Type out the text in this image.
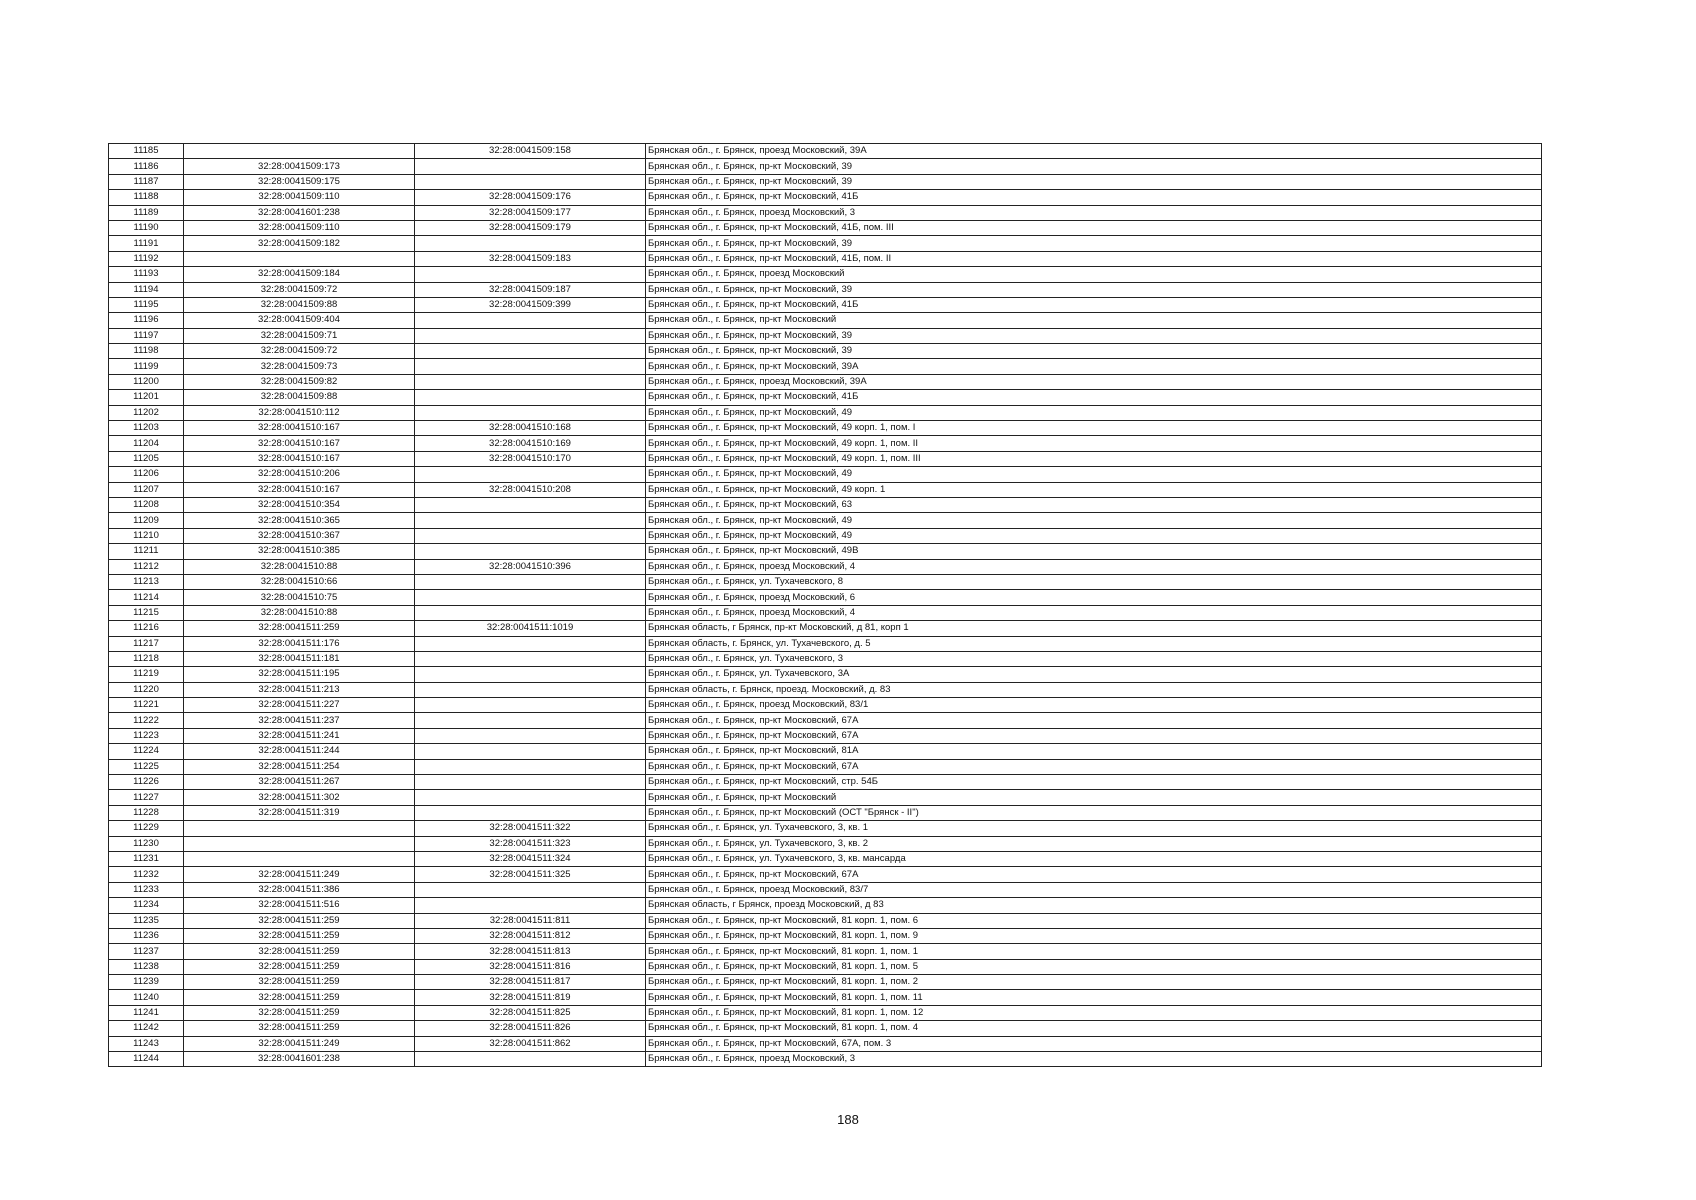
11185		32:28:0041509:158	Брянская обл., г. Брянск, проезд Московский, 39А
11186	32:28:0041509:173		Брянская обл., г. Брянск, пр-кт Московский, 39
11187	32:28:0041509:175		Брянская обл., г. Брянск, пр-кт Московский, 39
11188	32:28:0041509:110	32:28:0041509:176	Брянская обл., г. Брянск, пр-кт Московский, 41Б
11189	32:28:0041601:238	32:28:0041509:177	Брянская обл., г. Брянск, проезд Московский, 3
11190	32:28:0041509:110	32:28:0041509:179	Брянская обл., г. Брянск, пр-кт Московский, 41Б, пом. III
11191	32:28:0041509:182		Брянская обл., г. Брянск, пр-кт Московский, 39
11192		32:28:0041509:183	Брянская обл., г. Брянск, пр-кт Московский, 41Б, пом. II
11193	32:28:0041509:184		Брянская обл., г. Брянск, проезд Московский
11194	32:28:0041509:72	32:28:0041509:187	Брянская обл., г. Брянск, пр-кт Московский, 39
11195	32:28:0041509:88	32:28:0041509:399	Брянская обл., г. Брянск, пр-кт Московский, 41Б
11196	32:28:0041509:404		Брянская обл., г. Брянск, пр-кт Московский
11197	32:28:0041509:71		Брянская обл., г. Брянск, пр-кт Московский, 39
11198	32:28:0041509:72		Брянская обл., г. Брянск, пр-кт Московский, 39
11199	32:28:0041509:73		Брянская обл., г. Брянск, пр-кт Московский, 39А
11200	32:28:0041509:82		Брянская обл., г. Брянск, проезд Московский, 39А
11201	32:28:0041509:88		Брянская обл., г. Брянск, пр-кт Московский, 41Б
11202	32:28:0041510:112		Брянская обл., г. Брянск, пр-кт Московский, 49
11203	32:28:0041510:167	32:28:0041510:168	Брянская обл., г. Брянск, пр-кт Московский, 49 корп. 1, пом. I
11204	32:28:0041510:167	32:28:0041510:169	Брянская обл., г. Брянск, пр-кт Московский, 49 корп. 1, пом. II
11205	32:28:0041510:167	32:28:0041510:170	Брянская обл., г. Брянск, пр-кт Московский, 49 корп. 1, пом. III
11206	32:28:0041510:206		Брянская обл., г. Брянск, пр-кт Московский, 49
11207	32:28:0041510:167	32:28:0041510:208	Брянская обл., г. Брянск, пр-кт Московский, 49 корп. 1
11208	32:28:0041510:354		Брянская обл., г. Брянск, пр-кт Московский, 63
11209	32:28:0041510:365		Брянская обл., г. Брянск, пр-кт Московский, 49
11210	32:28:0041510:367		Брянская обл., г. Брянск, пр-кт Московский, 49
11211	32:28:0041510:385		Брянская обл., г. Брянск, пр-кт Московский, 49В
11212	32:28:0041510:88	32:28:0041510:396	Брянская обл., г. Брянск, проезд Московский, 4
11213	32:28:0041510:66		Брянская обл., г. Брянск, ул. Тухачевского, 8
11214	32:28:0041510:75		Брянская обл., г. Брянск, проезд Московский, 6
11215	32:28:0041510:88		Брянская обл., г. Брянск, проезд Московский, 4
11216	32:28:0041511:259	32:28:0041511:1019	Брянская область, г Брянск, пр-кт Московский, д 81, корп 1
11217	32:28:0041511:176		Брянская область, г. Брянск, ул. Тухачевского, д. 5
11218	32:28:0041511:181		Брянская обл., г. Брянск, ул. Тухачевского, 3
11219	32:28:0041511:195		Брянская обл., г. Брянск, ул. Тухачевского, 3А
11220	32:28:0041511:213		Брянская область, г. Брянск, проезд. Московский, д. 83
11221	32:28:0041511:227		Брянская обл., г. Брянск, проезд Московский, 83/1
11222	32:28:0041511:237		Брянская обл., г. Брянск, пр-кт Московский, 67А
11223	32:28:0041511:241		Брянская обл., г. Брянск, пр-кт Московский, 67А
11224	32:28:0041511:244		Брянская обл., г. Брянск, пр-кт Московский, 81А
11225	32:28:0041511:254		Брянская обл., г. Брянск, пр-кт Московский, 67А
11226	32:28:0041511:267		Брянская обл., г. Брянск, пр-кт Московский, стр. 54Б
11227	32:28:0041511:302		Брянская обл., г. Брянск, пр-кт Московский
11228	32:28:0041511:319		Брянская обл., г. Брянск, пр-кт Московский (ОСТ "Брянск - II")
11229		32:28:0041511:322	Брянская обл., г. Брянск, ул. Тухачевского, 3, кв. 1
11230		32:28:0041511:323	Брянская обл., г. Брянск, ул. Тухачевского, 3, кв. 2
11231		32:28:0041511:324	Брянская обл., г. Брянск, ул. Тухачевского, 3, кв. мансарда
11232	32:28:0041511:249	32:28:0041511:325	Брянская обл., г. Брянск, пр-кт Московский, 67А
11233	32:28:0041511:386		Брянская обл., г. Брянск, проезд Московский, 83/7
11234	32:28:0041511:516		Брянская область, г Брянск, проезд Московский, д 83
11235	32:28:0041511:259	32:28:0041511:811	Брянская обл., г. Брянск, пр-кт Московский, 81 корп. 1, пом. 6
11236	32:28:0041511:259	32:28:0041511:812	Брянская обл., г. Брянск, пр-кт Московский, 81 корп. 1, пом. 9
11237	32:28:0041511:259	32:28:0041511:813	Брянская обл., г. Брянск, пр-кт Московский, 81 корп. 1, пом. 1
11238	32:28:0041511:259	32:28:0041511:816	Брянская обл., г. Брянск, пр-кт Московский, 81 корп. 1, пом. 5
11239	32:28:0041511:259	32:28:0041511:817	Брянская обл., г. Брянск, пр-кт Московский, 81 корп. 1, пом. 2
11240	32:28:0041511:259	32:28:0041511:819	Брянская обл., г. Брянск, пр-кт Московский, 81 корп. 1, пом. 11
11241	32:28:0041511:259	32:28:0041511:825	Брянская обл., г. Брянск, пр-кт Московский, 81 корп. 1, пом. 12
11242	32:28:0041511:259	32:28:0041511:826	Брянская обл., г. Брянск, пр-кт Московский, 81 корп. 1, пом. 4
11243	32:28:0041511:249	32:28:0041511:862	Брянская обл., г. Брянск, пр-кт Московский, 67А, пом. 3
11244	32:28:0041601:238		Брянская обл., г. Брянск, проезд Московский, 3
188
